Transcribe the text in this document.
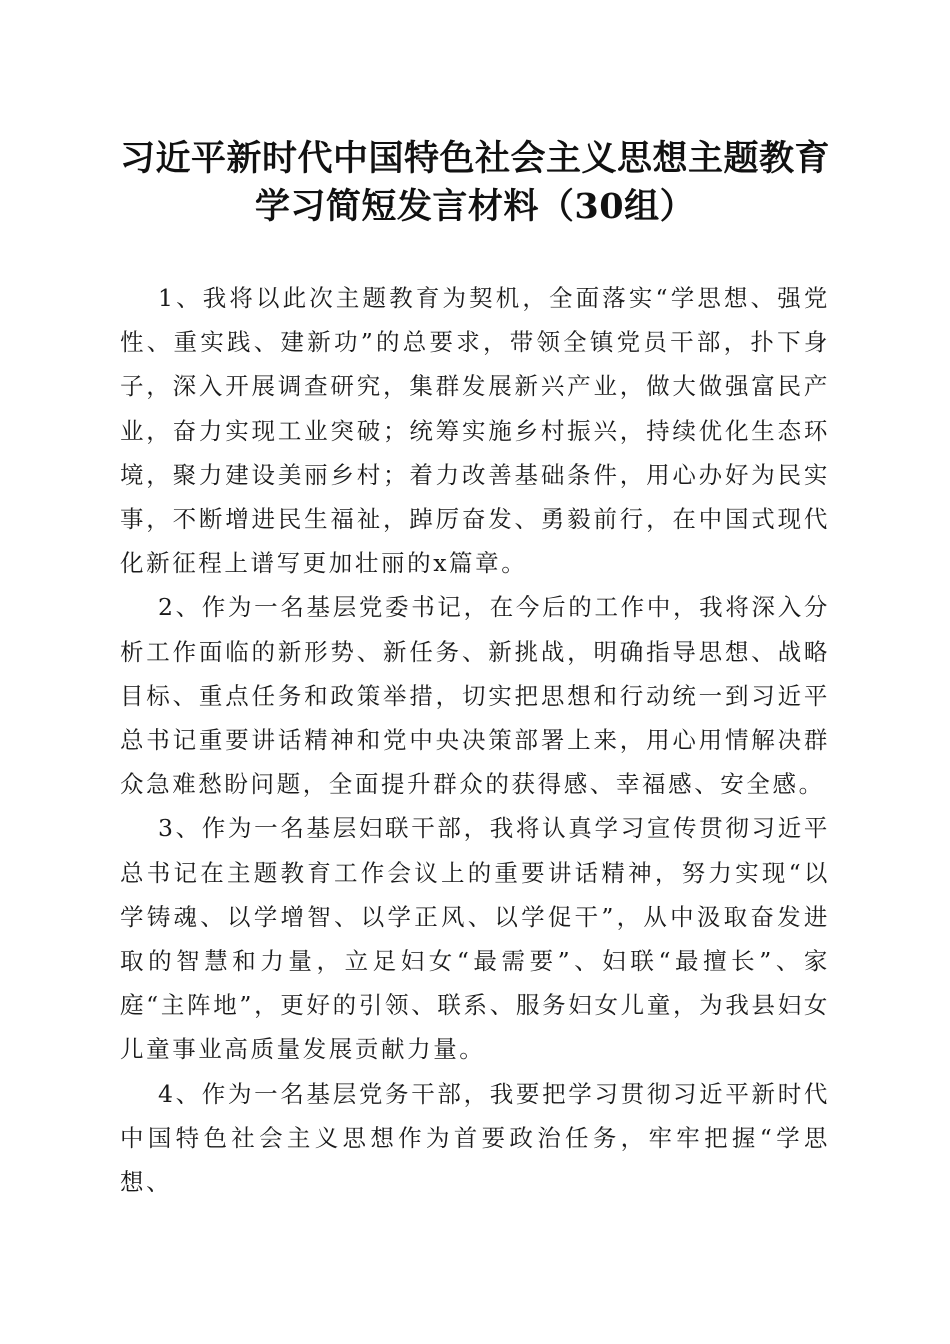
习近平新时代中国特色社会主义思想主题教育
学习简短发言材料（30组）

1、我将以此次主题教育为契机，全面落实“学思想、强党性、重实践、建新功”的总要求，带领全镇党员干部，扑下身子，深入开展调查研究，集群发展新兴产业，做大做强富民产业，奋力实现工业突破；统筹实施乡村振兴，持续优化生态环境，聚力建设美丽乡村；着力改善基础条件，用心办好为民实事，不断增进民生福祉，踔厉奋发、勇毅前行，在中国式现代化新征程上谱写更加壮丽的x篇章。

2、作为一名基层党委书记，在今后的工作中，我将深入分析工作面临的新形势、新任务、新挑战，明确指导思想、战略目标、重点任务和政策举措，切实把思想和行动统一到习近平总书记重要讲话精神和党中央决策部署上来，用心用情解决群众急难愁盼问题，全面提升群众的获得感、幸福感、安全感。

3、作为一名基层妇联干部，我将认真学习宣传贯彻习近平总书记在主题教育工作会议上的重要讲话精神，努力实现“以学铸魂、以学增智、以学正风、以学促干”，从中汲取奋发进取的智慧和力量，立足妇女“最需要”、妇联“最擅长”、家庭“主阵地”，更好的引领、联系、服务妇女儿童，为我县妇女儿童事业高质量发展贡献力量。

4、作为一名基层党务干部，我要把学习贯彻习近平新时代中国特色社会主义思想作为首要政治任务，牢牢把握“学思想、
